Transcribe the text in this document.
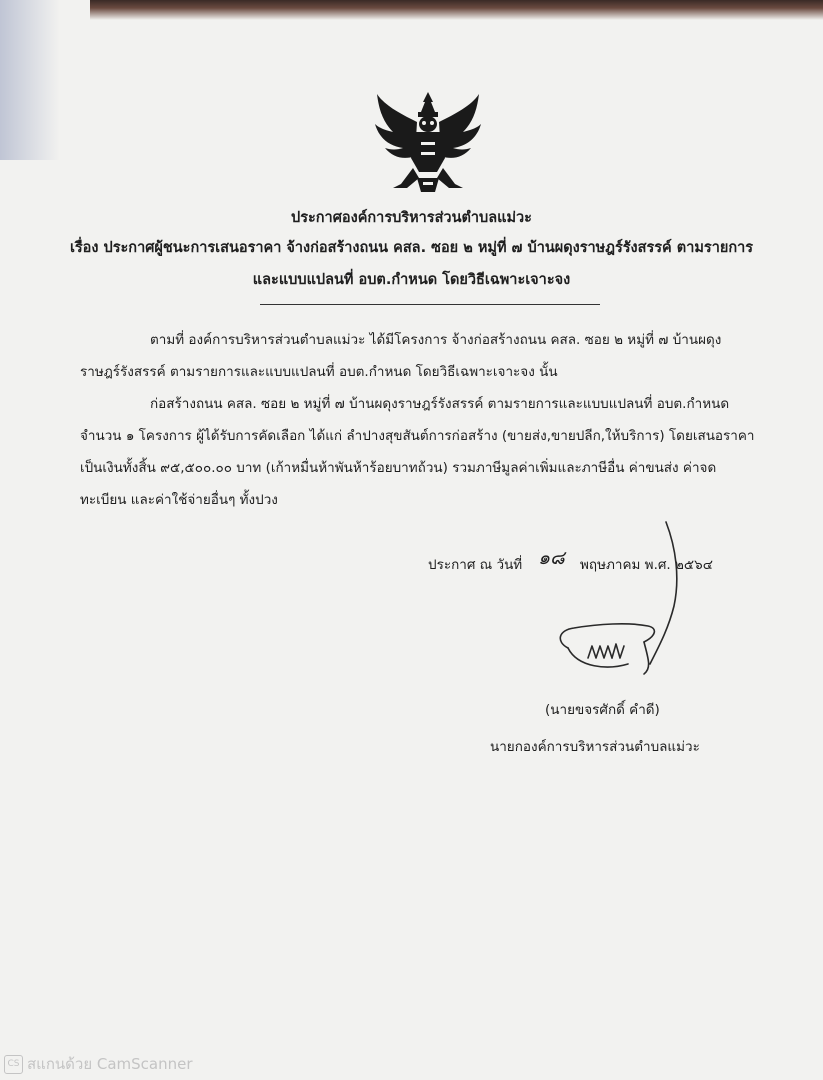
ประกาศองค์การบริหารส่วนตำบลแม่วะ
เรื่อง ประกาศผู้ชนะการเสนอราคา จ้างก่อสร้างถนน คสล. ซอย ๒ หมู่ที่ ๗ บ้านผดุงราษฎร์รังสรรค์ ตามรายการ
และแบบแปลนที่ อบต.กำหนด โดยวิธีเฉพาะเจาะจง
ตามที่ องค์การบริหารส่วนตำบลแม่วะ ได้มีโครงการ จ้างก่อสร้างถนน คสล. ซอย ๒ หมู่ที่ ๗ บ้านผดุง
ราษฎร์รังสรรค์ ตามรายการและแบบแปลนที่ อบต.กำหนด โดยวิธีเฉพาะเจาะจง นั้น
ก่อสร้างถนน คสล. ซอย ๒ หมู่ที่ ๗ บ้านผดุงราษฎร์รังสรรค์ ตามรายการและแบบแปลนที่ อบต.กำหนด
จำนวน ๑ โครงการ ผู้ได้รับการคัดเลือก ได้แก่ ลำปางสุขสันต์การก่อสร้าง (ขายส่ง,ขายปลีก,ให้บริการ) โดยเสนอราคา
เป็นเงินทั้งสิ้น ๙๕,๕๐๐.๐๐ บาท (เก้าหมื่นห้าพันห้าร้อยบาทถ้วน) รวมภาษีมูลค่าเพิ่มและภาษีอื่น ค่าขนส่ง ค่าจด
ทะเบียน และค่าใช้จ่ายอื่นๆ ทั้งปวง
ประกาศ ณ วันที่ ๑๘ พฤษภาคม พ.ศ. ๒๕๖๔
(นายขจรศักดิ์ คำดี)
นายกองค์การบริหารส่วนตำบลแม่วะ
CS สแกนด้วย CamScanner
